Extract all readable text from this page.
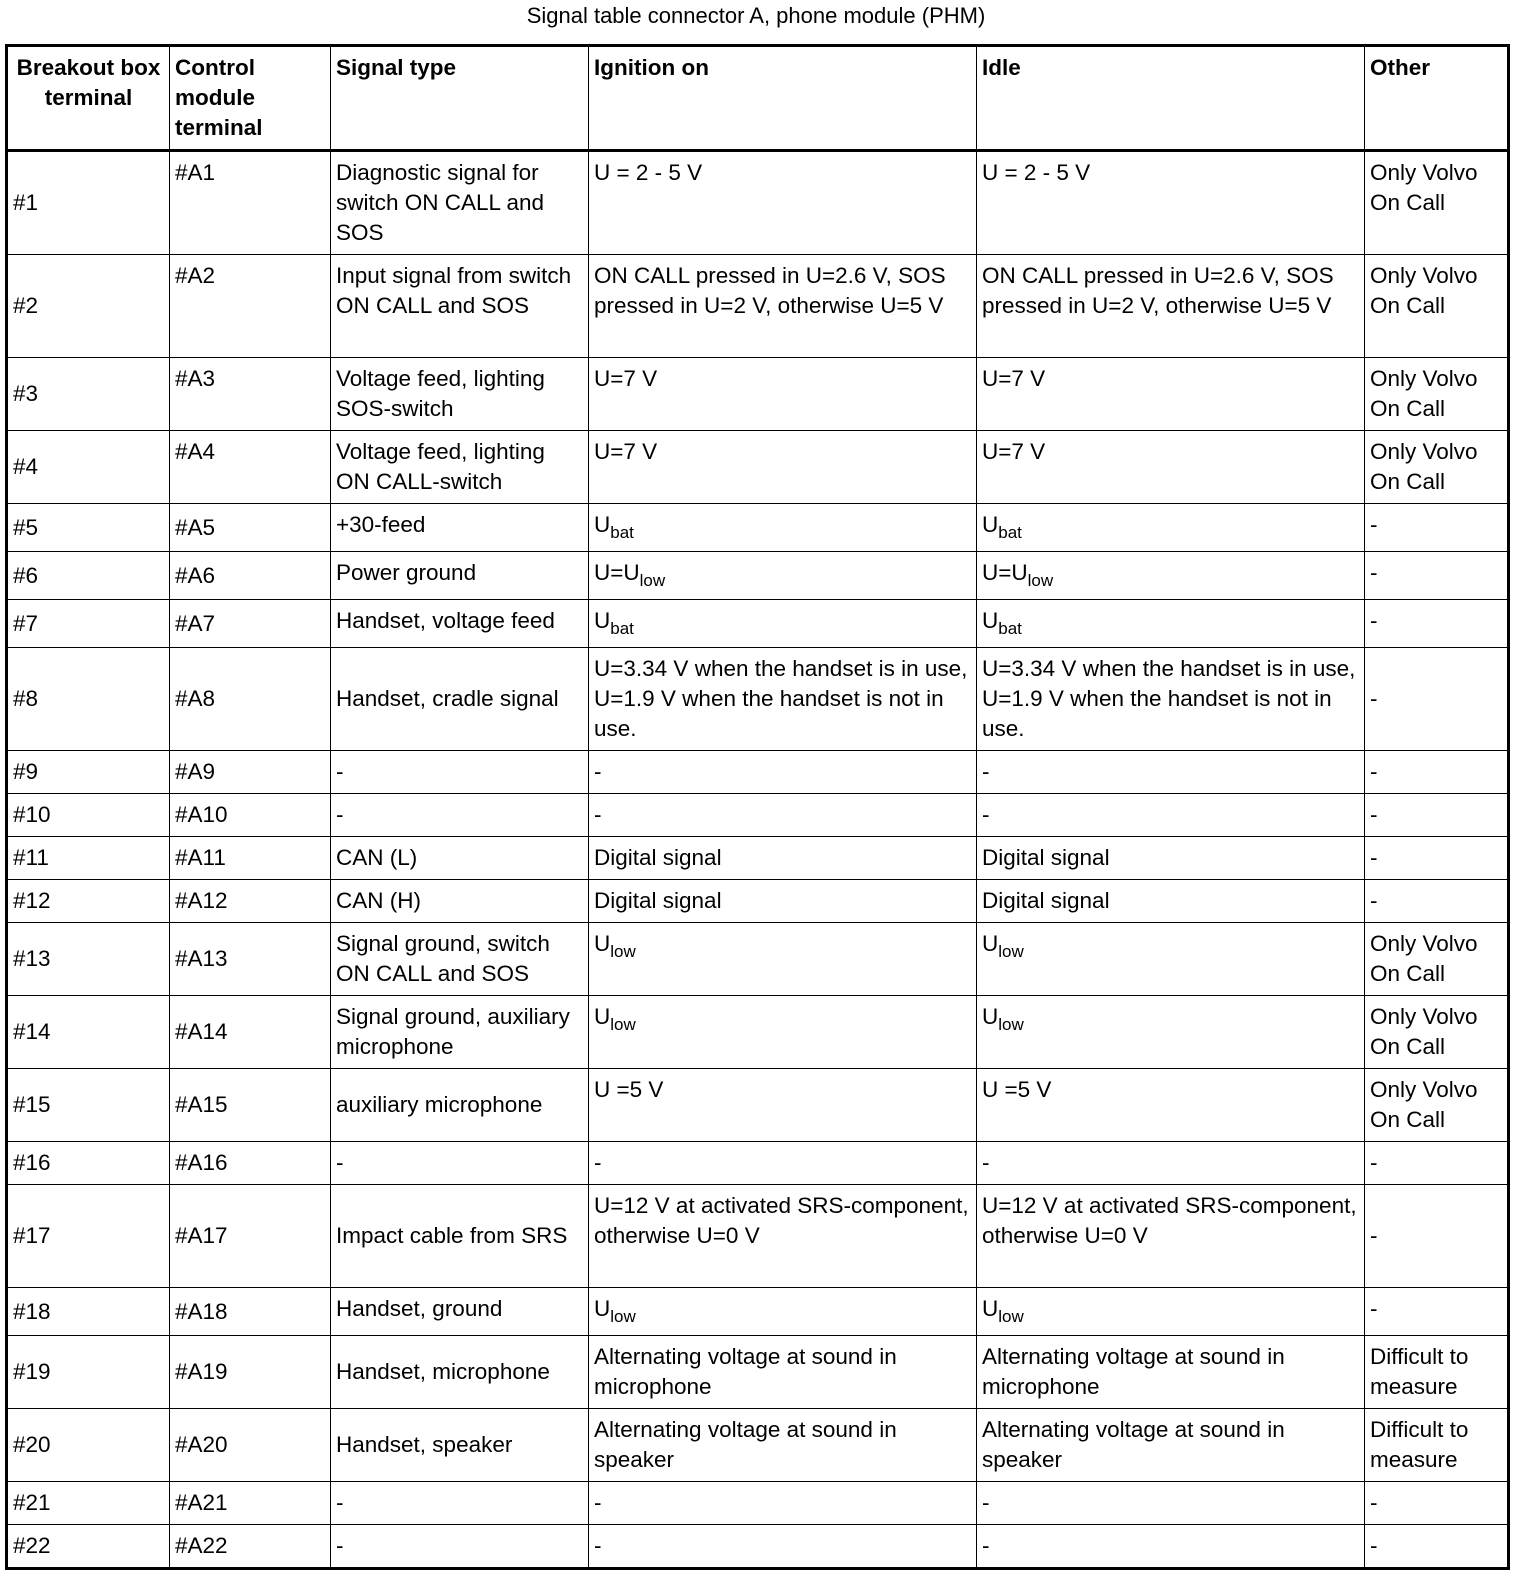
Signal table connector A, phone module (PHM)
Breakout box terminal	Control module terminal	Signal type	Ignition on	Idle	Other
#1	#A1	Diagnostic signal for switch ON CALL and SOS	U = 2 - 5 V	U = 2 - 5 V	Only Volvo On Call
#2	#A2	Input signal from switch ON CALL and SOS	ON CALL pressed in U=2.6 V, SOS pressed in U=2 V, otherwise U=5 V	ON CALL pressed in U=2.6 V, SOS pressed in U=2 V, otherwise U=5 V	Only Volvo On Call
#3	#A3	Voltage feed, lighting SOS-switch	U=7 V	U=7 V	Only Volvo On Call
#4	#A4	Voltage feed, lighting ON CALL-switch	U=7 V	U=7 V	Only Volvo On Call
#5	#A5	+30-feed	$U_{bat}$	$U_{bat}$	-
#6	#A6	Power ground	$U=U_{low}$	$U=U_{low}$	-
#7	#A7	Handset, voltage feed	$U_{bat}$	$U_{bat}$	-
#8	#A8	Handset, cradle signal	U=3.34 V when the handset is in use, U=1.9 V when the handset is not in use.	U=3.34 V when the handset is in use, U=1.9 V when the handset is not in use.	-
#9	#A9	-	-	-	-
#10	#A10	-	-	-	-
#11	#A11	CAN (L)	Digital signal	Digital signal	-
#12	#A12	CAN (H)	Digital signal	Digital signal	-
#13	#A13	Signal ground, switch ON CALL and SOS	$U_{low}$	$U_{low}$	Only Volvo On Call
#14	#A14	Signal ground, auxiliary microphone	$U_{low}$	$U_{low}$	Only Volvo On Call
#15	#A15	auxiliary microphone	U =5 V	U =5 V	Only Volvo On Call
#16	#A16	-	-	-	-
#17	#A17	Impact cable from SRS	U=12 V at activated SRS-component, otherwise U=0 V	U=12 V at activated SRS-component, otherwise U=0 V	-
#18	#A18	Handset, ground	$U_{low}$	$U_{low}$	-
#19	#A19	Handset, microphone	Alternating voltage at sound in microphone	Alternating voltage at sound in microphone	Difficult to measure
#20	#A20	Handset, speaker	Alternating voltage at sound in speaker	Alternating voltage at sound in speaker	Difficult to measure
#21	#A21	-	-	-	-
#22	#A22	-	-	-	-
